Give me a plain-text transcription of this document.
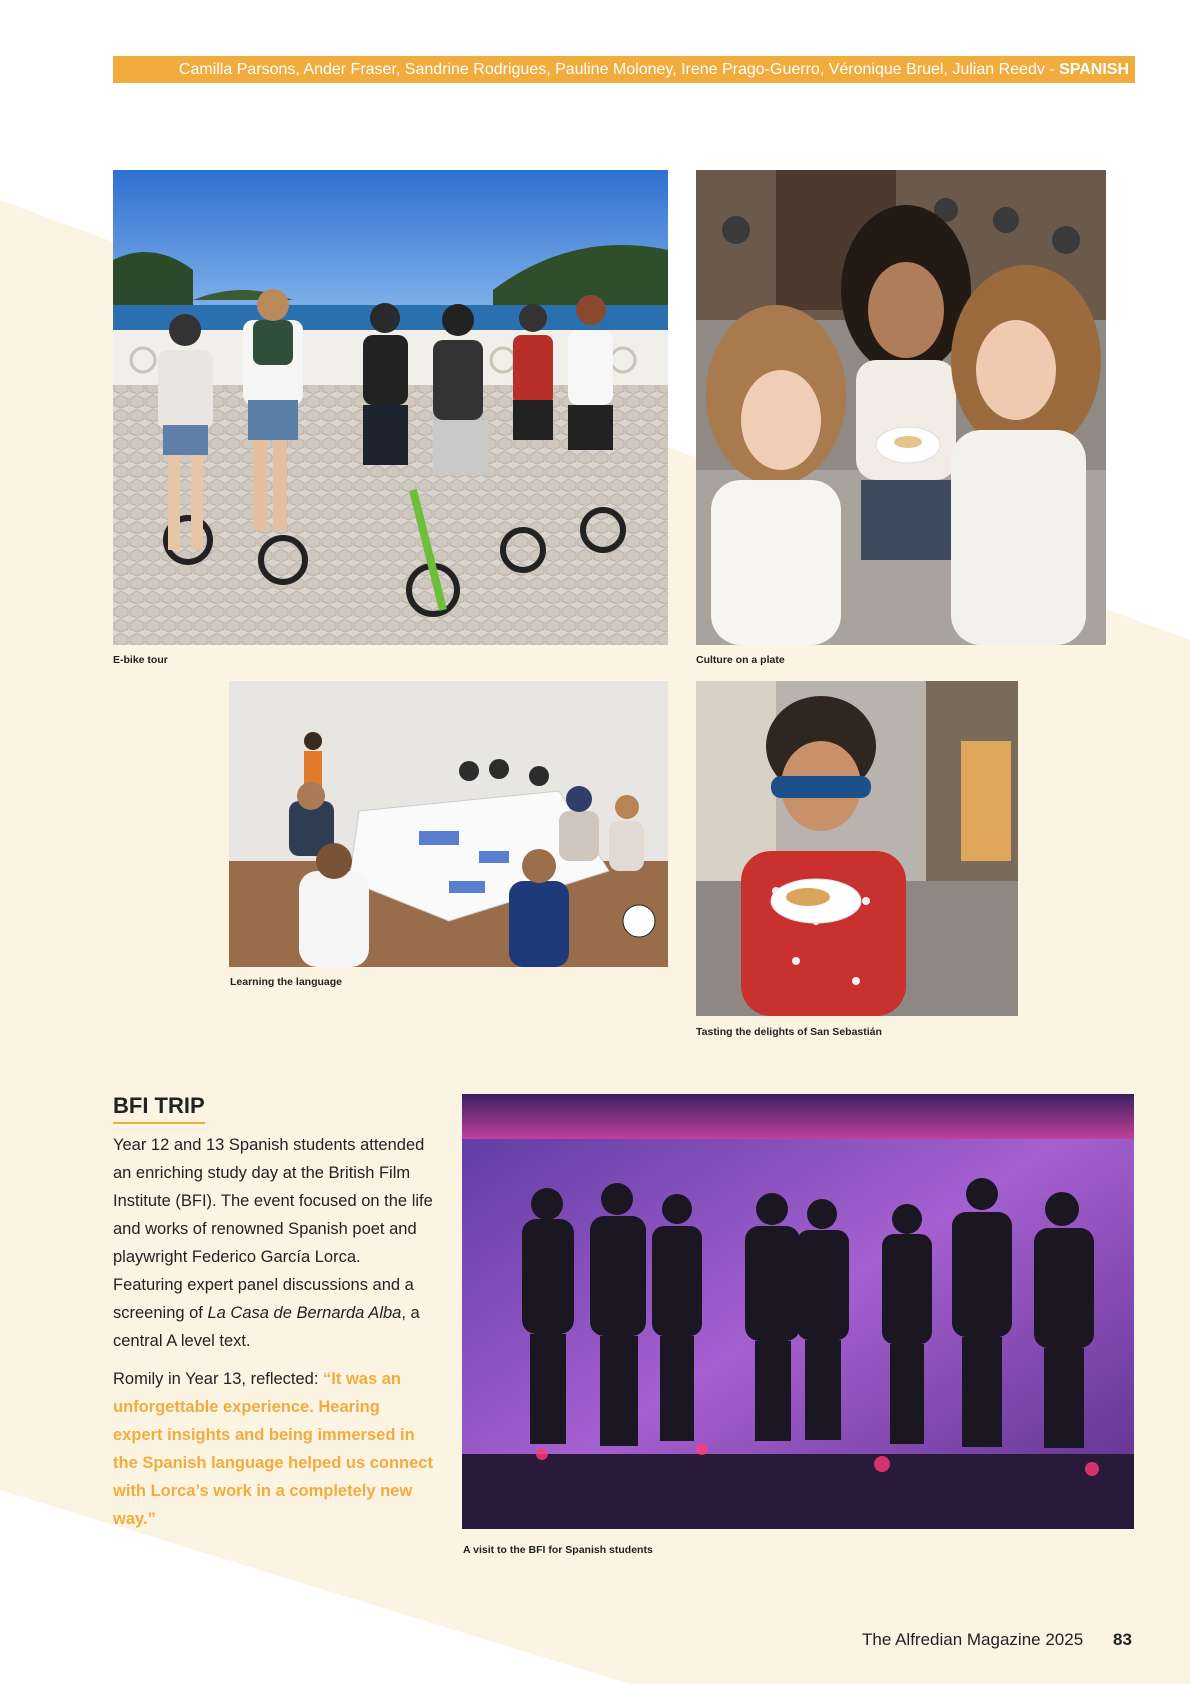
Camilla Parsons, Ander Fraser, Sandrine Rodrigues, Pauline Moloney, Irene Prago-Guerro, Véronique Bruel, Julian Reedv - SPANISH
E-bike tour	Culture on a plate
Learning the language
Tasting the delights of San Sebastián
BFI TRIP

Year 12 and 13 Spanish students attended an enriching study day at the British Film Institute (BFI). The event focused on the life and works of renowned Spanish poet and playwright Federico García Lorca. Featuring expert panel discussions and a screening of La Casa de Bernarda Alba, a central A level text.

Romily in Year 13, reflected: “It was an unforgettable experience. Hearing expert insights and being immersed in the Spanish language helped us connect with Lorca’s work in a completely new way.”

A visit to the BFI for Spanish students
The Alfredian Magazine 2025 83
